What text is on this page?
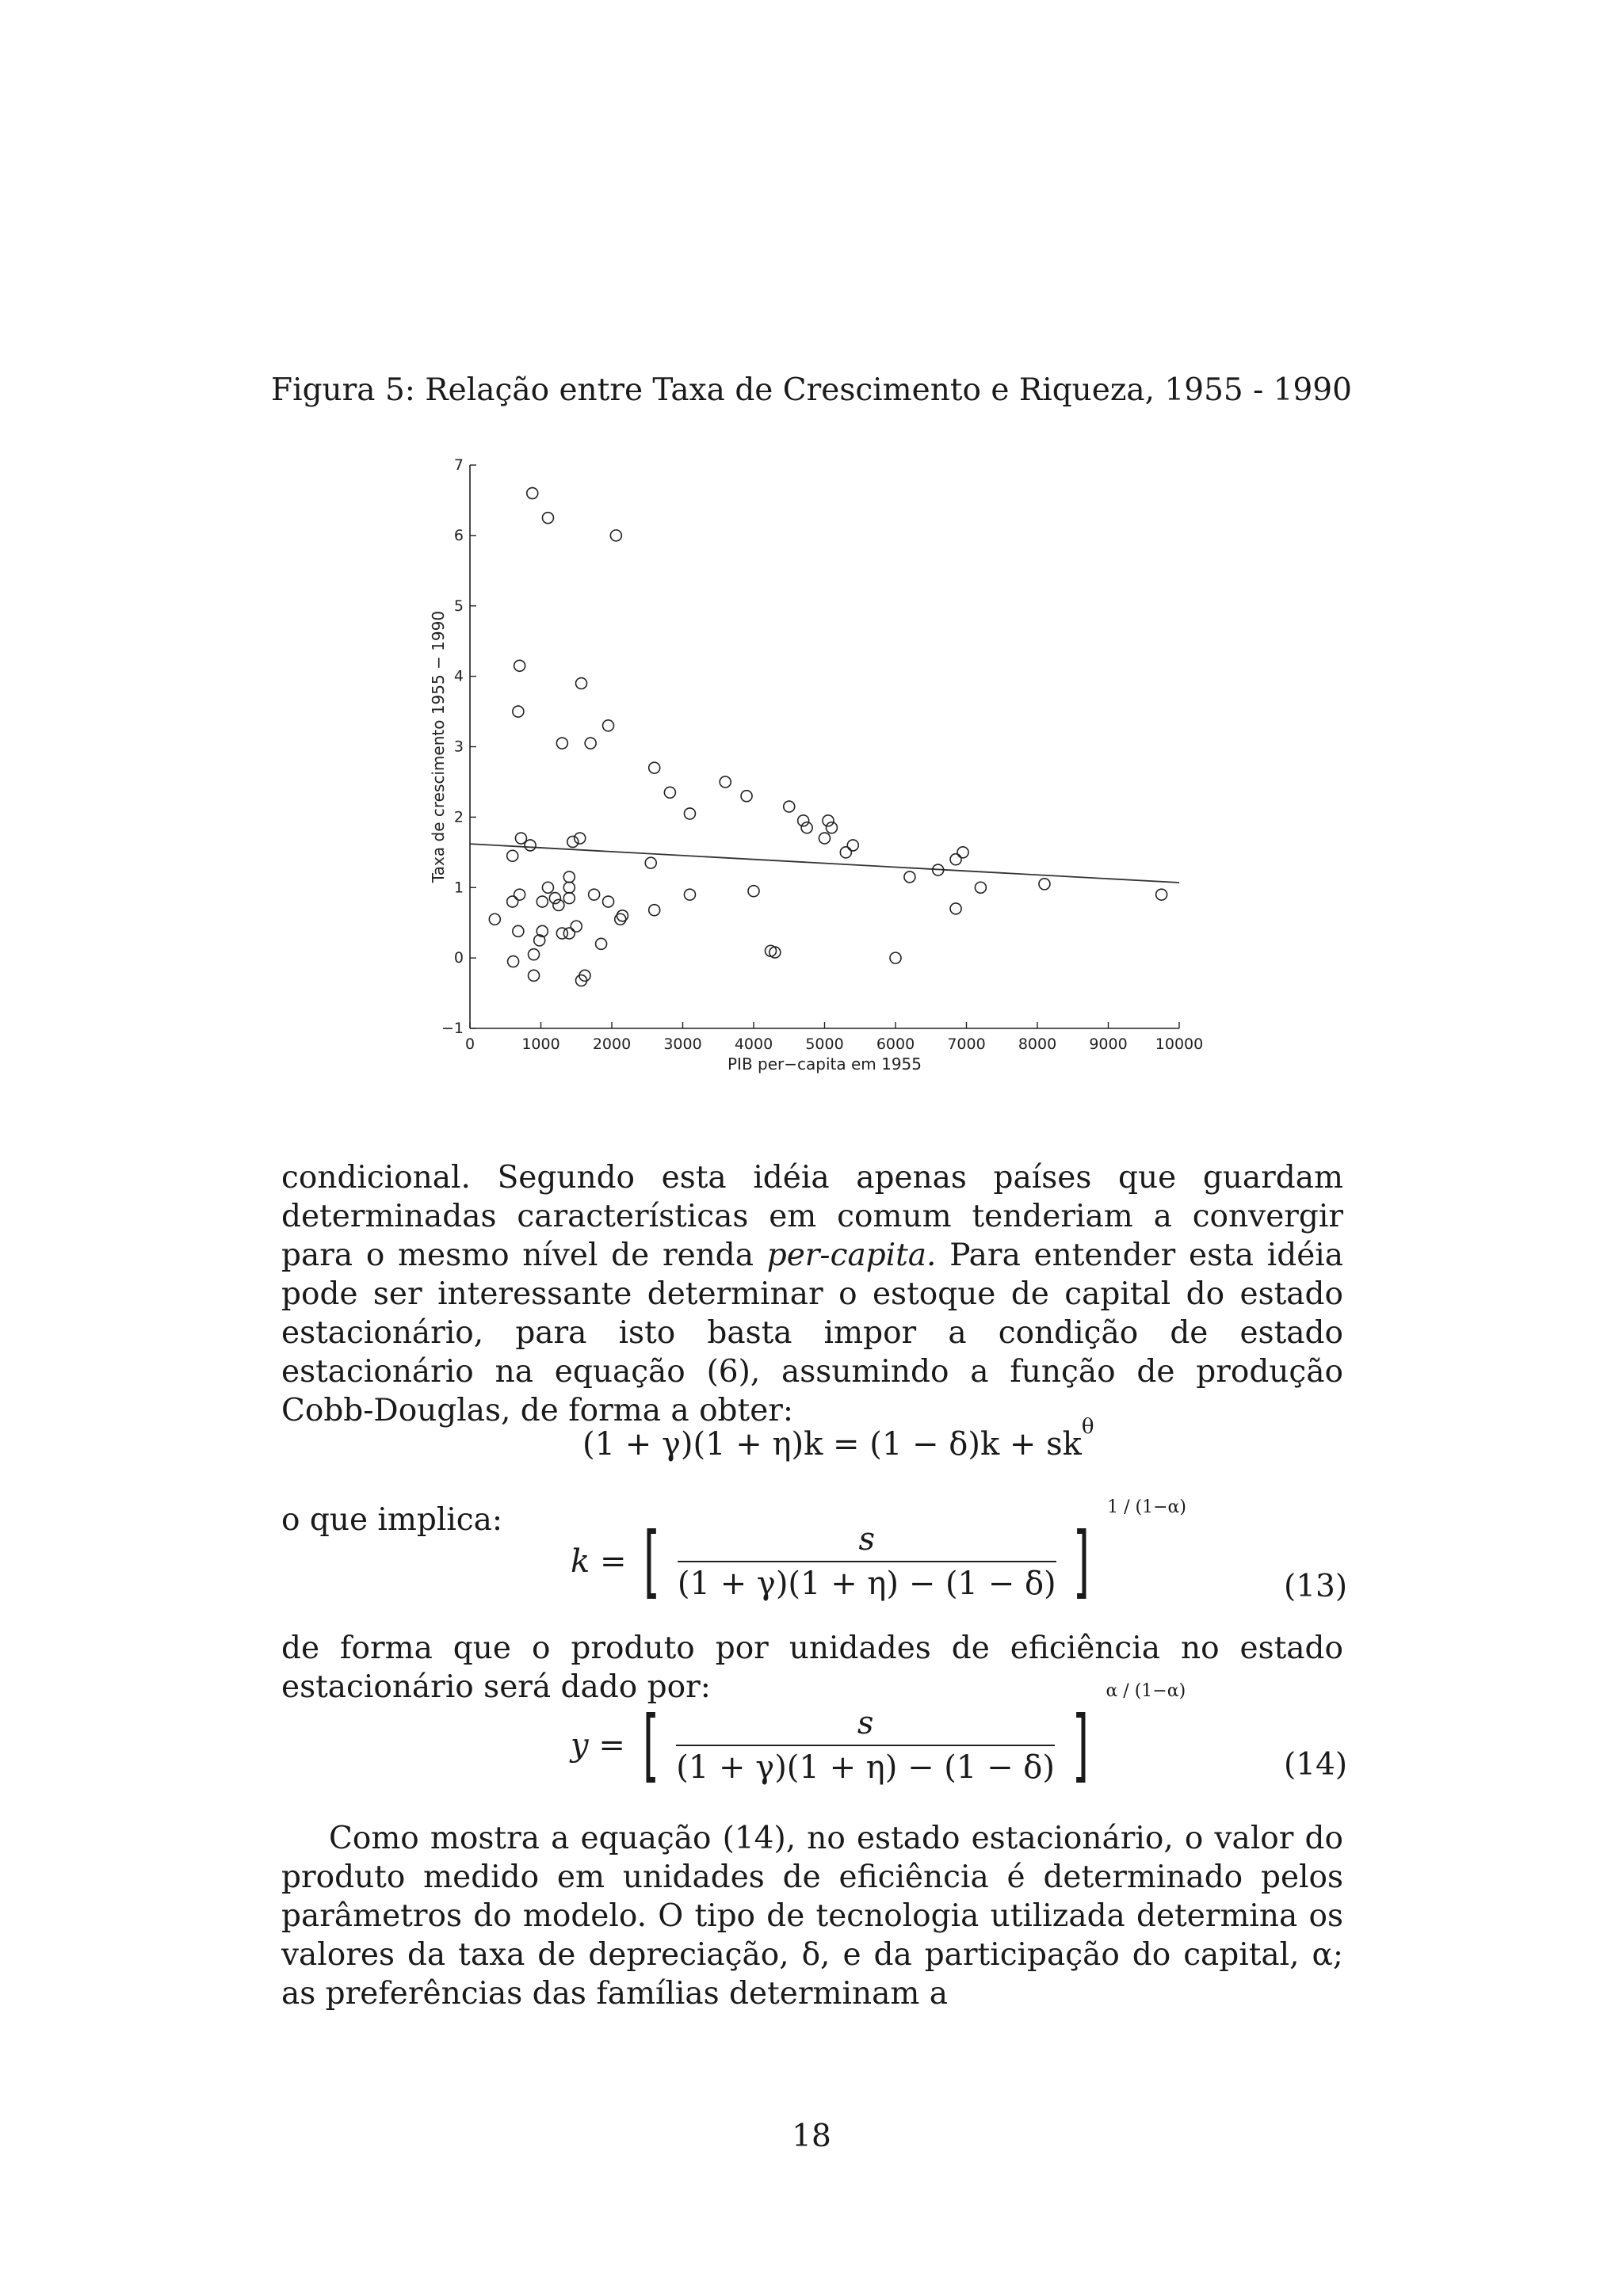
Figura 5: Relação entre Taxa de Crescimento e Riqueza, 1955 - 1990
0	1000 2000 3000 4000 5000 6000 7000 8000 9000 10000
−1
0
1
2
3
4
5
6
7
PIB per−capita em 1955
Taxa de crescimento 1955 − 1990
condicional. Segundo esta idéia apenas países que guardam determinadas características em comum tenderiam a convergir para o mesmo nível de renda per-capita. Para entender esta idéia pode ser interessante determinar o estoque de capital do estado estacionário, para isto basta impor a condição de estado estacionário na equação (6), assumindo a função de produção Cobb-Douglas, de forma a obter:
$(1 + \gamma)(1 + \eta)k = (1 - \delta)k + sk^\theta$
o que implica:
k = [ $\frac{s}{(1 + \gamma)(1 + \eta) - (1 - \delta)}$ ] $^{1 / (1-\alpha)}$
(13)
de forma que o produto por unidades de eficiência no estado estacionário será dado por:
y = [ $\frac{s}{(1 + \gamma)(1 + \eta) - (1 - \delta)}$ ] $^{\alpha / (1-\alpha)}$
(14)
Como mostra a equação (14), no estado estacionário, o valor do produto medido em unidades de eficiência é determinado pelos parâmetros do modelo. O tipo de tecnologia utilizada determina os valores da taxa de depreciação, δ, e da participação do capital, α; as preferências das famílias determinam a
18
